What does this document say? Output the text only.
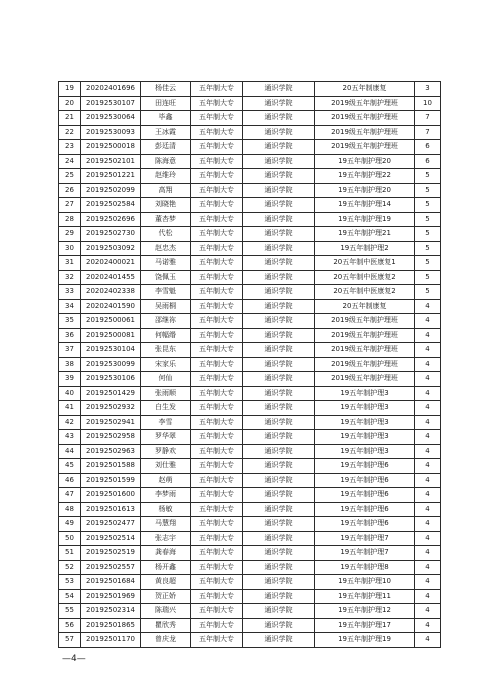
19	20202401696	杨佳云	五年制大专	通识学院	20五年制康复	3
20	20192530107	田连旺	五年制大专	通识学院	2019级五年制护理班	10
21	20192530064	毕鑫	五年制大专	通识学院	2019级五年制护理班	7
22	20192530093	王冰霞	五年制大专	通识学院	2019级五年制护理班	7
23	20192500018	彭廷清	五年制大专	通识学院	2019级五年制护理班	6
24	20192502101	陈海意	五年制大专	通识学院	19五年制护理20	6
25	20192501221	赵维玲	五年制大专	通识学院	19五年制护理22	5
26	20192502099	高翔	五年制大专	通识学院	19五年制护理20	5
27	20192502584	刘晓艳	五年制大专	通识学院	19五年制护理14	5
28	20192502696	董杏梦	五年制大专	通识学院	19五年制护理19	5
29	20192502730	代松	五年制大专	通识学院	19五年制护理21	5
30	20192503092	赵忠杰	五年制大专	通识学院	19五年制护理2	5
31	20202400021	马诺雅	五年制大专	通识学院	20五年制中医康复1	5
32	20202401455	饶佩玉	五年制大专	通识学院	20五年制中医康复2	5
33	20202402338	李雪魁	五年制大专	通识学院	20五年制中医康复2	5
34	20202401590	吴雨桐	五年制大专	通识学院	20五年制康复	4
35	20192500061	邵继祢	五年制大专	通识学院	2019级五年制护理班	4
36	20192500081	何幅缗	五年制大专	通识学院	2019级五年制护理班	4
37	20192530104	张昆东	五年制大专	通识学院	2019级五年制护理班	4
38	20192530099	宋家乐	五年制大专	通识学院	2019级五年制护理班	4
39	20192530106	何仙	五年制大专	通识学院	2019级五年制护理班	4
40	20192501429	张雨顺	五年制大专	通识学院	19五年制护理3	4
41	20192502932	白生发	五年制大专	通识学院	19五年制护理3	4
42	20192502941	李雪	五年制大专	通识学院	19五年制护理3	4
43	20192502958	罗华翠	五年制大专	通识学院	19五年制护理3	4
44	20192502963	罗静欢	五年制大专	通识学院	19五年制护理3	4
45	20192501588	刘仕雅	五年制大专	通识学院	19五年制护理6	4
46	20192501599	赵萌	五年制大专	通识学院	19五年制护理6	4
47	20192501600	李梦雨	五年制大专	通识学院	19五年制护理6	4
48	20192501613	杨敏	五年制大专	通识学院	19五年制护理6	4
49	20192502477	马慧翔	五年制大专	通识学院	19五年制护理6	4
50	20192502514	张志宇	五年制大专	通识学院	19五年制护理7	4
51	20192502519	龚春海	五年制大专	通识学院	19五年制护理7	4
52	20192502557	杨开鑫	五年制大专	通识学院	19五年制护理8	4
53	20192501684	黄良超	五年制大专	通识学院	19五年制护理10	4
54	20192501969	贺正娇	五年制大专	通识学院	19五年制护理11	4
55	20192502314	陈瑞兴	五年制大专	通识学院	19五年制护理12	4
56	20192501865	瞿欣秀	五年制大专	通识学院	19五年制护理17	4
57	20192501170	曾庆龙	五年制大专	通识学院	19五年制护理19	4
—4—
